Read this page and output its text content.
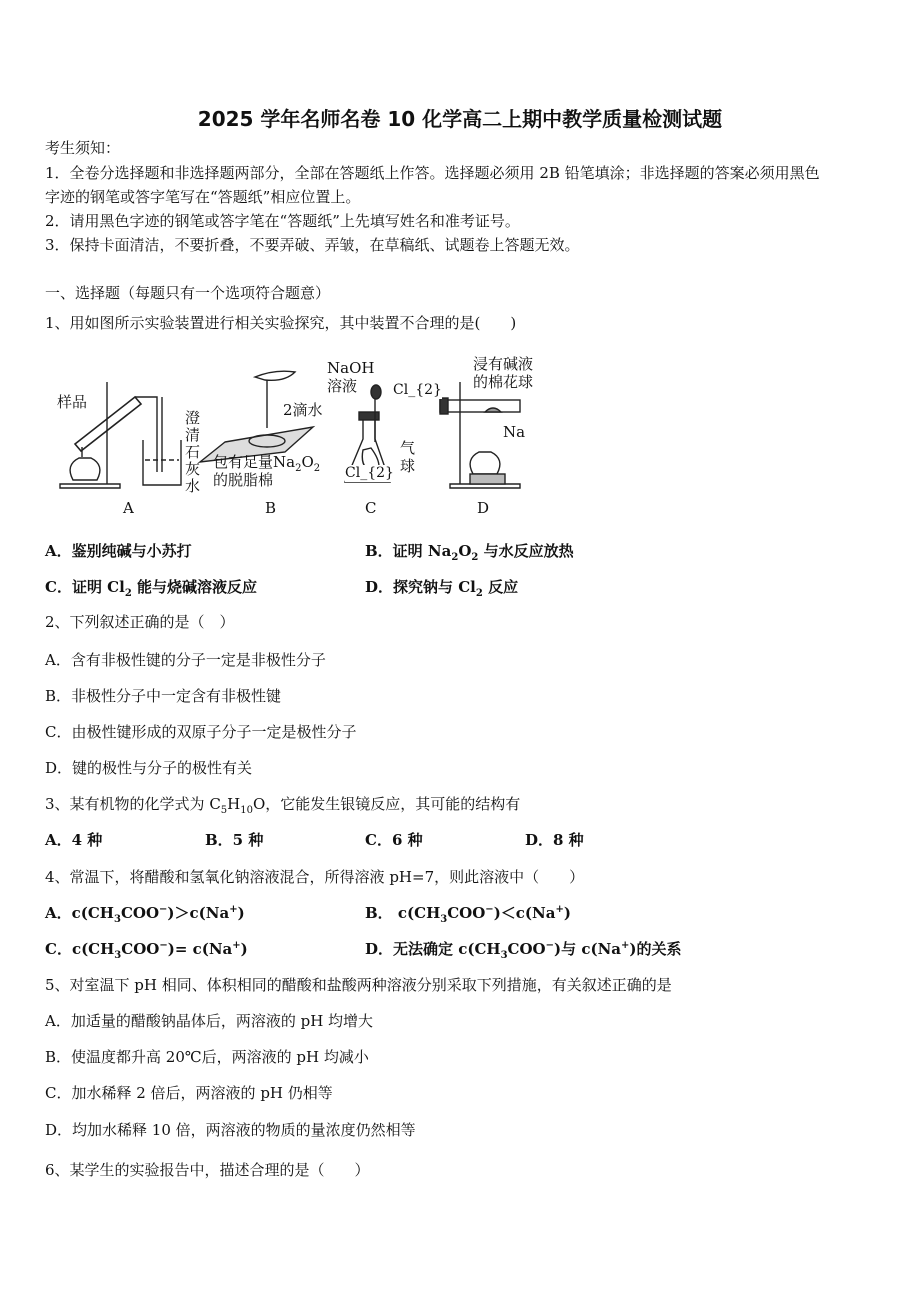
2025 学年名师名卷 10 化学高二上期中教学质量检测试题
考生须知：
1．全卷分选择题和非选择题两部分，全部在答题纸上作答。选择题必须用 2B 铅笔填涂；非选择题的答案必须用黑色
字迹的钢笔或答字笔写在“答题纸”相应位置上。
2．请用黑色字迹的钢笔或答字笔在“答题纸”上先填写姓名和准考证号。
3．保持卡面清洁，不要折叠，不要弄破、弄皱，在草稿纸、试题卷上答题无效。
一、选择题（每题只有一个选项符合题意）
1、用如图所示实验装置进行相关实验探究，其中装置不合理的是(　　)
样品
澄
清
石
灰
水
A
2滴水
包有足量$Na_2O_2$
的脱脂棉
B
NaOH
溶液
气
球
Cl_{2}
C
浸有碱液
的棉花球
Cl_{2}
Na
D
A．鉴别纯碱与小苏打	B．证明 $Na_2O_2$ 与水反应放热
C．证明 $Cl_2$ 能与烧碱溶液反应	D．探究钠与 $Cl_2$ 反应
2、下列叙述正确的是（　）
A．含有非极性键的分子一定是非极性分子
B．非极性分子中一定含有非极性键
C．由极性键形成的双原子分子一定是极性分子
D．键的极性与分子的极性有关
3、某有机物的化学式为 $C_5H_{10}O$，它能发生银镜反应，其可能的结构有
A．4 种	B．5 种	C．6 种	D．8 种
4、常温下，将醋酸和氢氧化钠溶液混合，所得溶液 pH=7，则此溶液中（　　）
A．$c(CH_3COO^-)>c(Na^+)$	B． $c(CH_3COO^-)<c(Na^+)$
C．$c(CH_3COO^-)= c(Na^+)$	D．无法确定 $c(CH_3COO^-)$与 c(Na+)的关系
5、对室温下 pH 相同、体积相同的醋酸和盐酸两种溶液分别采取下列措施，有关叙述正确的是
A．加适量的醋酸钠晶体后，两溶液的 pH 均增大
B．使温度都升高 20℃后，两溶液的 pH 均减小
C．加水稀释 2 倍后，两溶液的 pH 仍相等
D．均加水稀释 10 倍，两溶液的物质的量浓度仍然相等
6、某学生的实验报告中，描述合理的是（　　）
